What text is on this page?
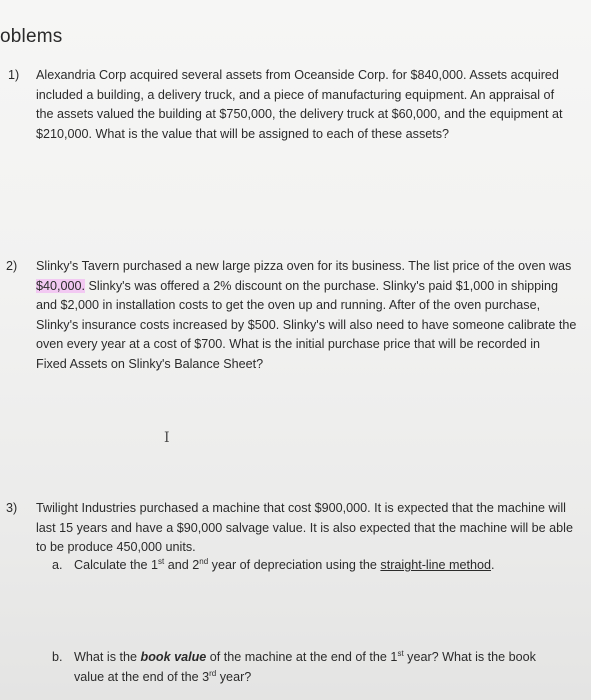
oblems
1) Alexandria Corp acquired several assets from Oceanside Corp. for $840,000. Assets acquired
included a building, a delivery truck, and a piece of manufacturing equipment. An appraisal of
the assets valued the building at $750,000, the delivery truck at $60,000, and the equipment at
$210,000. What is the value that will be assigned to each of these assets?
2) Slinky's Tavern purchased a new large pizza oven for its business. The list price of the oven was
$40,000. Slinky's was offered a 2% discount on the purchase. Slinky's paid $1,000 in shipping
and $2,000 in installation costs to get the oven up and running. After of the oven purchase,
Slinky's insurance costs increased by $500. Slinky's will also need to have someone calibrate the
oven every year at a cost of $700. What is the initial purchase price that will be recorded in
Fixed Assets on Slinky's Balance Sheet?
I
3) Twilight Industries purchased a machine that cost $900,000. It is expected that the machine will
last 15 years and have a $90,000 salvage value. It is also expected that the machine will be able
to be produce 450,000 units.
a. Calculate the 1st and 2nd year of depreciation using the straight-line method.
b. What is the book value of the machine at the end of the 1st year? What is the book
value at the end of the 3rd year?
